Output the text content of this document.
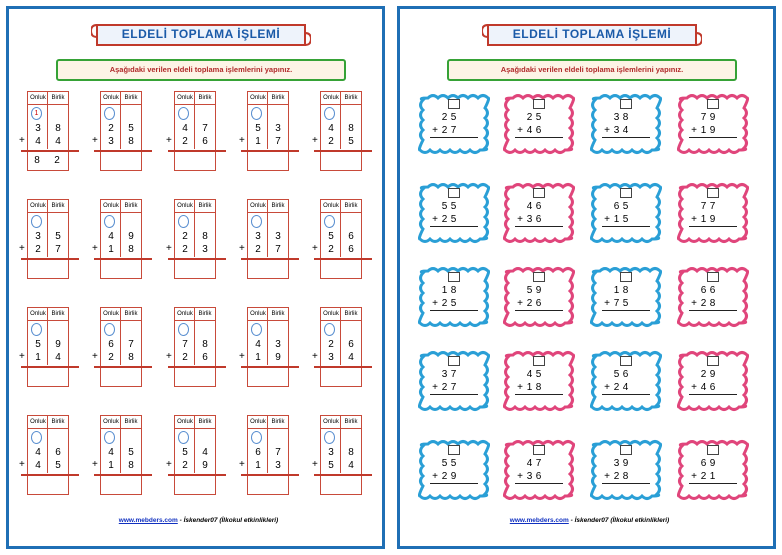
ELDELİ TOPLAMA İŞLEMİ
Aşağıdaki verilen eldeli toplama işlemlerini yapınız.
Onluk Birlik
1
3 8
4 4
+
8 2
Onluk Birlik
2 5
3 8
+
Onluk Birlik
4 7
2 6
+
Onluk Birlik
5 3
1 7
+
Onluk Birlik
4 8
2 5
+
Onluk Birlik
3 5
2 7
+
Onluk Birlik
4 9
1 8
+
Onluk Birlik
2 8
2 3
+
Onluk Birlik
3 3
2 7
+
Onluk Birlik
5 6
2 6
+
Onluk Birlik
5 9
1 4
+
Onluk Birlik
6 7
2 8
+
Onluk Birlik
7 8
2 6
+
Onluk Birlik
4 3
1 9
+
Onluk Birlik
2 6
3 4
+
Onluk Birlik
4 6
4 5
+
Onluk Birlik
4 5
1 8
+
Onluk Birlik
5 4
2 9
+
Onluk Birlik
6 7
1 3
+
Onluk Birlik
3 8
5 4
+
www.mebders.com - İskender07 (İlkokul etkinlikleri)
ELDELİ TOPLAMA İŞLEMİ
Aşağıdaki verilen eldeli toplama işlemlerini yapınız.
2 5
+ 2 7
2 5
+ 4 6
3 8
+ 3 4
7 9
+ 1 9
5 5
+ 2 5
4 6
+ 3 6
6 5
+ 1 5
7 7
+ 1 9
1 8
+ 2 5
5 9
+ 2 6
1 8
+ 7 5
6 6
+ 2 8
3 7
+ 2 7
4 5
+ 1 8
5 6
+ 2 4
2 9
+ 4 6
5 5
+ 2 9
4 7
+ 3 6
3 9
+ 2 8
6 9
+ 2 1
www.mebders.com - İskender07 (İlkokul etkinlikleri)
